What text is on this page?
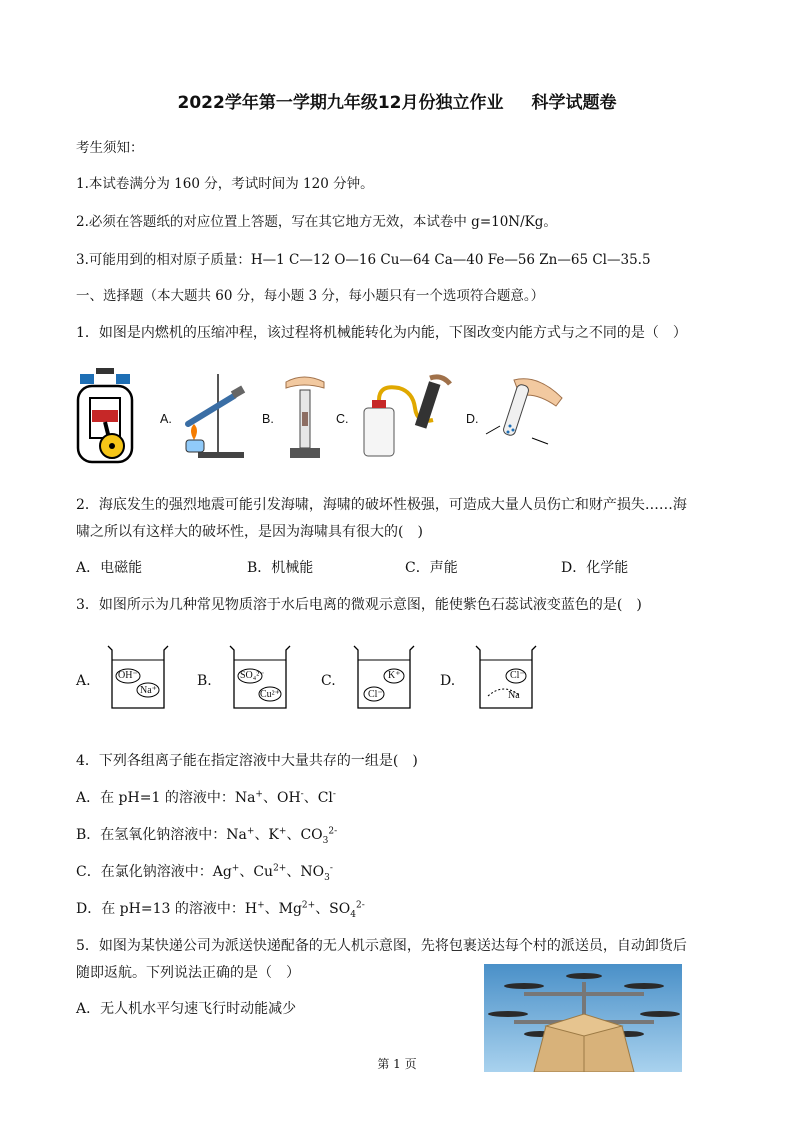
2022学年第一学期九年级12月份独立作业 科学试题卷
考生须知：
1.本试卷满分为 160 分，考试时间为 120 分钟。
2.必须在答题纸的对应位置上答题，写在其它地方无效，本试卷中 g=10N/Kg。
3.可能用到的相对原子质量：H—1 C—12 O—16 Cu—64 Ca—40 Fe—56 Zn—65 Cl—35.5
一、选择题（本大题共 60 分，每小题 3 分，每小题只有一个选项符合题意。）
1．如图是内燃机的压缩冲程，该过程将机械能转化为内能，下图改变内能方式与之不同的是（　）
A.	B.	C.	D.
2．海底发生的强烈地震可能引发海啸，海啸的破坏性极强，可造成大量人员伤亡和财产损失……海
啸之所以有这样大的破坏性，是因为海啸具有很大的(　)
A．电磁能	B．机械能	C．声能	D．化学能
3．如图所示为几种常见物质溶于水后电离的微观示意图，能使紫色石蕊试液变蓝色的是(　)
A.	OH⁻
Na⁺
B.	SO₄²⁻
Cu²⁺
C.	K⁺
Cl⁻
D.	Cl⁻
Na
4．下列各组离子能在指定溶液中大量共存的一组是(　)
A．在 pH=1 的溶液中：Na+、OH-、Cl-
B．在氢氧化钠溶液中：Na+、K+、$CO_3^{2-}$
C．在氯化钠溶液中：Ag+、$Cu^{2+}$、$NO_3^-$
D．在 pH=13 的溶液中：H+、$Mg^{2+}$、$SO_4^{2-}$
5．如图为某快递公司为派送快递配备的无人机示意图，先将包裹送达每个村的派送员，自动卸货后
随即返航。下列说法正确的是（　）
A．无人机水平匀速飞行时动能减少
第 1 页
